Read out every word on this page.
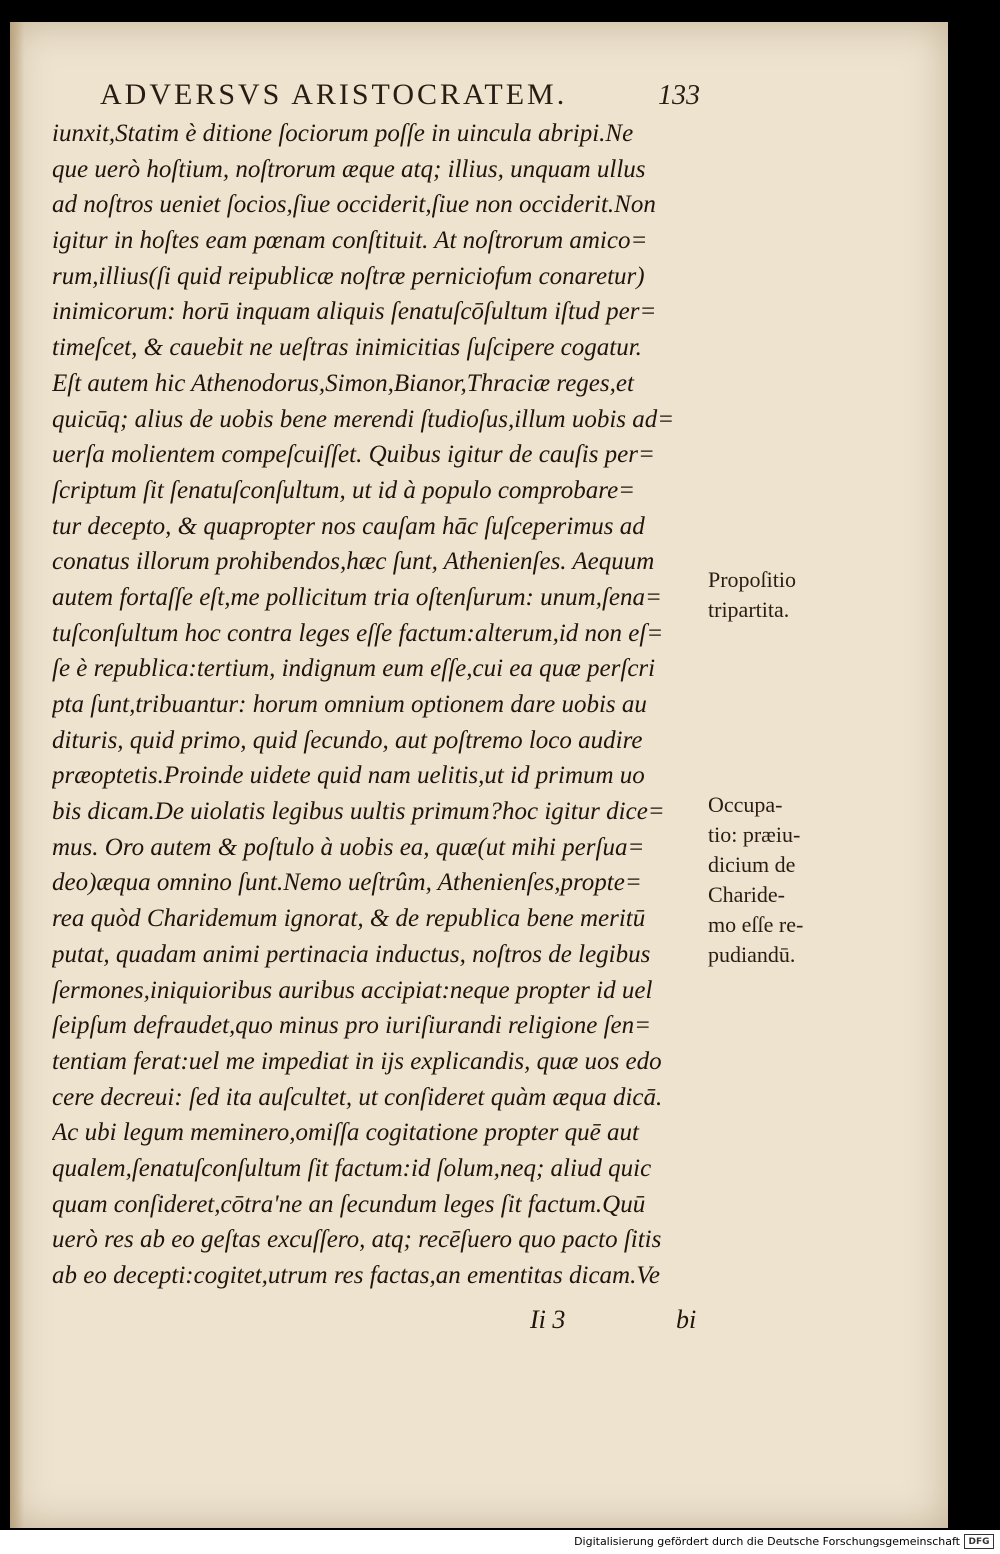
ADVERSVS ARISTOCRATEM.	133
iunxit,Statim è ditione ſociorum poſſe in uincula abripi.Ne
que uerò hoſtium, noſtrorum æque atq; illius, unquam ullus
ad noſtros ueniet ſocios,ſiue occiderit,ſiue non occiderit.Non
igitur in hoſtes eam pœnam conſtituit. At noſtrorum amico=
rum,illius(ſi quid reipublicæ noſtræ perniciofum conaretur)
inimicorum: horū inquam aliquis ſenatuſcōſultum iſtud per=
timeſcet, & cauebit ne ueſtras inimicitias ſuſcipere cogatur.
Eſt autem hic Athenodorus,Simon,Bianor,Thraciæ reges,et
quicūq; alius de uobis bene merendi ſtudioſus,illum uobis ad=
uerſa molientem compeſcuiſſet. Quibus igitur de cauſis per=
ſcriptum ſit ſenatuſconſultum, ut id à populo comprobare=
tur decepto, & quapropter nos cauſam hāc ſuſceperimus ad
conatus illorum prohibendos,hæc ſunt, Athenienſes. Aequum
autem fortaſſe eſt,me pollicitum tria oſtenſurum: unum,ſena=
tuſconſultum hoc contra leges eſſe factum:alterum,id non eſ=
ſe è republica:tertium, indignum eum eſſe,cui ea quæ perſcri
pta ſunt,tribuantur: horum omnium optionem dare uobis au
dituris, quid primo, quid ſecundo, aut poſtremo loco audire
præoptetis.Proinde uidete quid nam uelitis,ut id primum uo
bis dicam.De uiolatis legibus uultis primum?hoc igitur dice=
mus. Oro autem & poſtulo à uobis ea, quæ(ut mihi perſua=
deo)æqua omnino ſunt.Nemo ueſtrûm, Athenienſes,propte=
rea quòd Charidemum ignorat, & de republica bene meritū
putat, quadam animi pertinacia inductus, noſtros de legibus
ſermones,iniquioribus auribus accipiat:neque propter id uel
ſeipſum defraudet,quo minus pro iuriſiurandi religione ſen=
tentiam ferat:uel me impediat in ijs explicandis, quæ uos edo
cere decreui: ſed ita auſcultet, ut conſideret quàm æqua dicā.
Ac ubi legum meminero,omiſſa cogitatione propter quē aut
qualem,ſenatuſconſultum ſit factum:id ſolum,neq; aliud quic
quam conſideret,cōtra'ne an ſecundum leges ſit factum.Quū
uerò res ab eo geſtas excuſſero, atq; recēſuero quo pacto ſitis
ab eo decepti:cogitet,utrum res factas,an ementitas dicam.Ve
Propoſitio
tripartita.
Occupa-
tio: præiu-
dicium de
Charide-
mo eſſe re-
pudiandū.
Ii 3	bi
Digitalisierung gefördert durch die Deutsche Forschungsgemeinschaft DFG
